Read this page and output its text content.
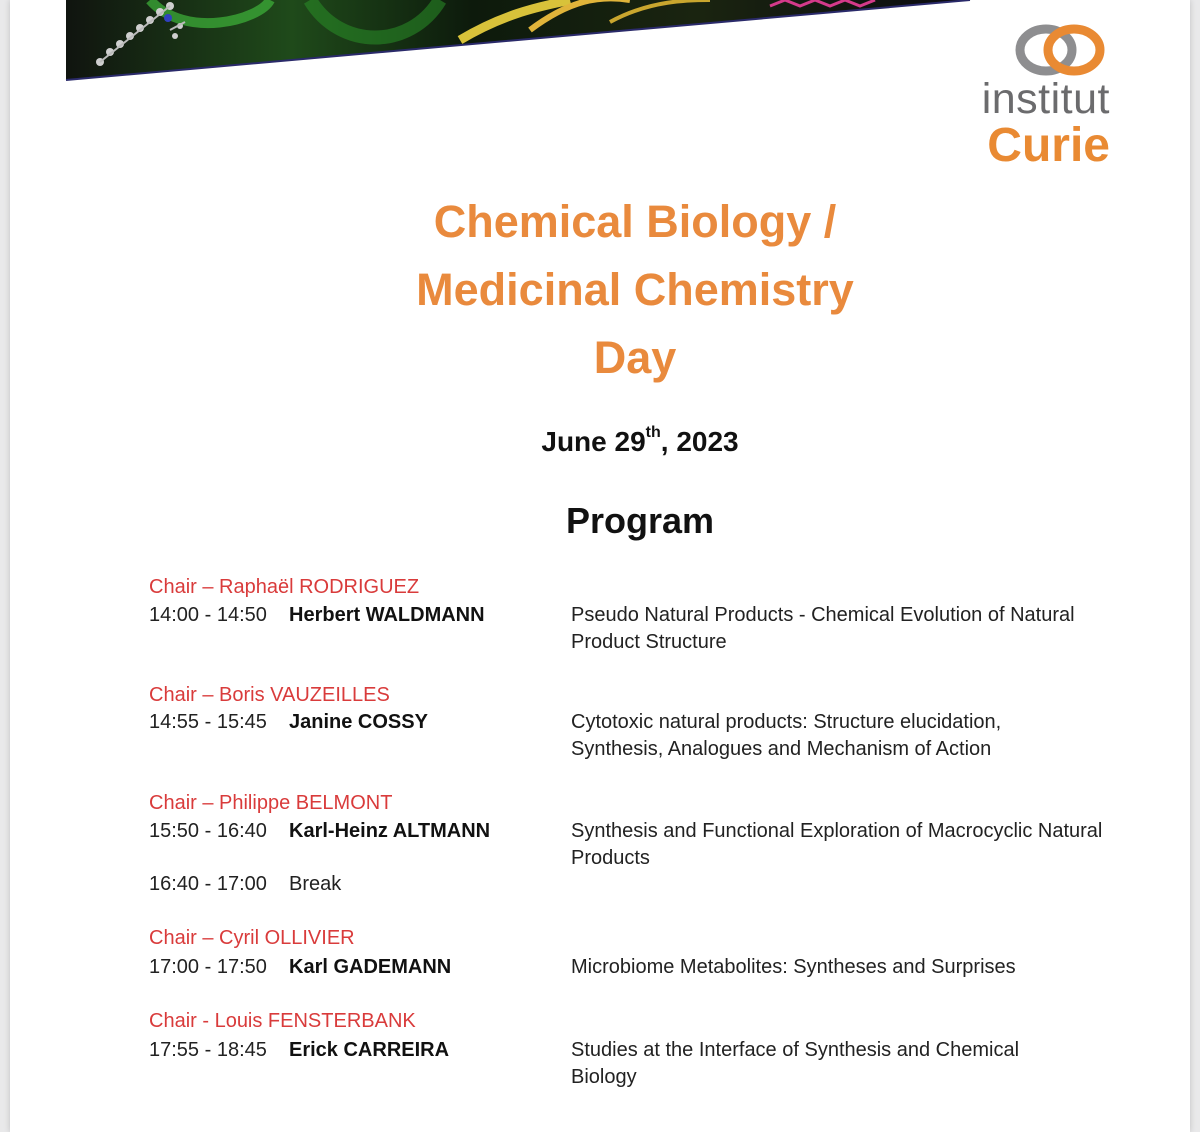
institut
Curie
Chemical Biology /
Medicinal Chemistry
Day
June 29th, 2023
Program
Chair – Raphaël RODRIGUEZ
14:00 - 14:50 Herbert WALDMANN	Pseudo Natural Products - Chemical Evolution of Natural
Product Structure
Chair – Boris VAUZEILLES
14:55 - 15:45 Janine COSSY	Cytotoxic natural products: Structure elucidation,
Synthesis, Analogues and Mechanism of Action
Chair – Philippe BELMONT
15:50 - 16:40 Karl-Heinz ALTMANN	Synthesis and Functional Exploration of Macrocyclic Natural
Products
16:40 - 17:00 Break
Chair – Cyril OLLIVIER
17:00 - 17:50 Karl GADEMANN	Microbiome Metabolites: Syntheses and Surprises
Chair - Louis FENSTERBANK
17:55 - 18:45 Erick CARREIRA	Studies at the Interface of Synthesis and Chemical
Biology
